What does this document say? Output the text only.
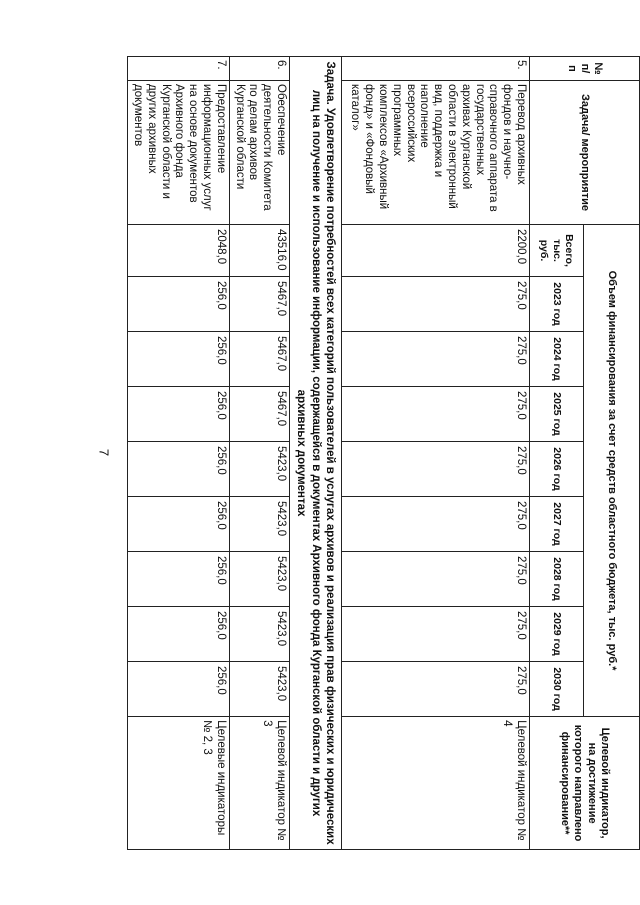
7
№ п/п	Задача/ мероприятие	Объем финансирования за счет средств областного бюджета, тыс. руб.*									Целевой индикатор, на достижение которого направлено финансирование**
		Всего, тыс. руб.	2023 год	2024 год	2025 год	2026 год	2027 год	2028 год	2029 год	2030 год	
5.	Перевод архивных фондов и научно-справочного аппарата в государственных архивах Курганской области в электронный вид, поддержка и наполнение всероссийских программных комплексов «Архивный фонд» и «Фондовый каталог»	2200,0	275,0	275,0	275,0	275,0	275,0	275,0	275,0	275,0	Целевой индикатор № 4
Задача. Удовлетворение потребностей всех категорий пользователей в услугах архивов и реализация прав физических и юридических лиц на получение и использование информации, содержащейся в документах Архивного фонда Курганской области и других архивных документах											
6.	Обеспечение деятельности Комитета по делам архивов Курганской области	43516,0	5467,0	5467,0	5467,0	5423,0	5423,0	5423,0	5423,0	5423,0	Целевой индикатор № 3
7.	Предоставление информационных услуг на основе документов Архивного фонда Курганской области и других архивных документов	2048,0	256,0	256,0	256,0	256,0	256,0	256,0	256,0	256,0	Целевые индикаторы № 2, 3
